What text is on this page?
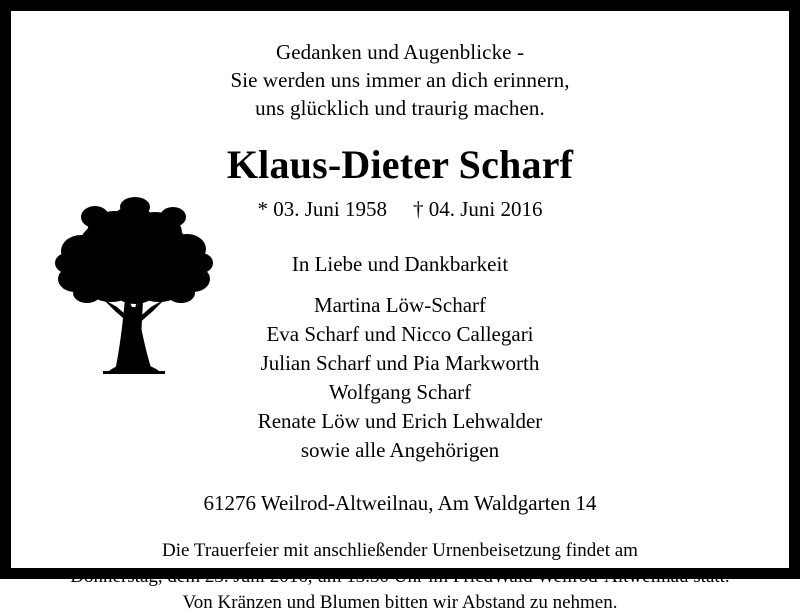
Gedanken und Augenblicke -
Sie werden uns immer an dich erinnern,
uns glücklich und traurig machen.
Klaus-Dieter Scharf
* 03. Juni 1958 † 04. Juni 2016
In Liebe und Dankbarkeit
Martina Löw-Scharf
Eva Scharf und Nicco Callegari
Julian Scharf und Pia Markworth
Wolfgang Scharf
Renate Löw und Erich Lehwalder
sowie alle Angehörigen
61276 Weilrod-Altweilnau, Am Waldgarten 14
Die Trauerfeier mit anschließender Urnenbeisetzung findet am
Donnerstag, dem 23. Juni 2016, um 13.30 Uhr im FriedWald Weilrod-Altweilnau statt.
Von Kränzen und Blumen bitten wir Abstand zu nehmen.
